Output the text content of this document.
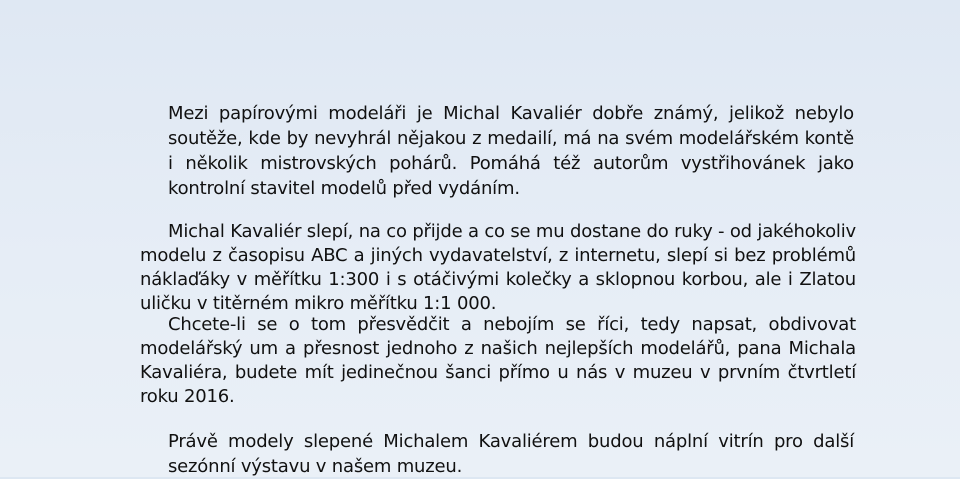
Mezi papírovými modeláři je Michal Kavaliér dobře známý, jelikož nebylo soutěže, kde by nevyhrál nějakou z medailí, má na svém modelářském kontě i několik mistrovských pohárů. Pomáhá též autorům vystřihovánek jako kontrolní stavitel modelů před vydáním.

Michal Kavaliér slepí, na co přijde a co se mu dostane do ruky - od jakéhokoliv modelu z časopisu ABC a jiných vydavatelství, z internetu, slepí si bez problémů náklaďáky v měřítku 1:300 i s otáčivými kolečky a sklopnou korbou, ale i Zlatou uličku v titěrném mikro měřítku 1:1 000.

Chcete-li se o tom přesvědčit a nebojím se říci, tedy napsat, obdivovat modelářský um a přesnost jednoho z našich nejlepších modelářů, pana Michala Kavaliéra, budete mít jedinečnou šanci přímo u nás v muzeu v prvním čtvrtletí roku 2016.

Právě modely slepené Michalem Kavaliérem budou náplní vitrín pro další sezónní výstavu v našem muzeu.
